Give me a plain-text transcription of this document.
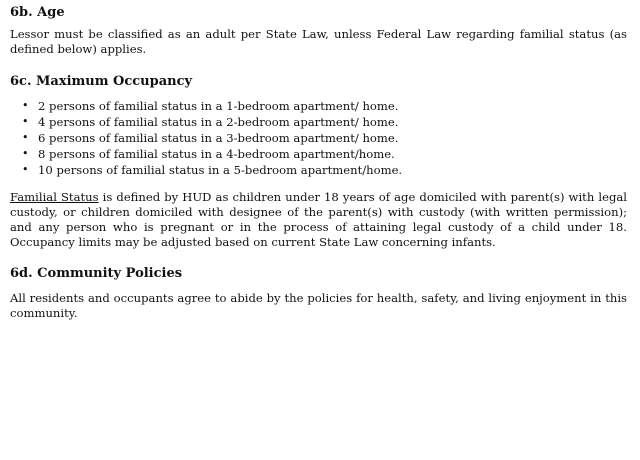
6b. Age

Lessor must be classified as an adult per State Law, unless Federal Law regarding familial status (as defined below) applies.

6c. Maximum Occupancy
• 2 persons of familial status in a 1-bedroom apartment/ home.
• 4 persons of familial status in a 2-bedroom apartment/ home.
• 6 persons of familial status in a 3-bedroom apartment/ home.
• 8 persons of familial status in a 4-bedroom apartment/home.
• 10 persons of familial status in a 5-bedroom apartment/home.

Familial Status is defined by HUD as children under 18 years of age domiciled with parent(s) with legal custody, or children domiciled with designee of the parent(s) with custody (with written permission); and any person who is pregnant or in the process of attaining legal custody of a child under 18. Occupancy limits may be adjusted based on current State Law concerning infants.

6d. Community Policies

All residents and occupants agree to abide by the policies for health, safety, and living enjoyment in this community.
